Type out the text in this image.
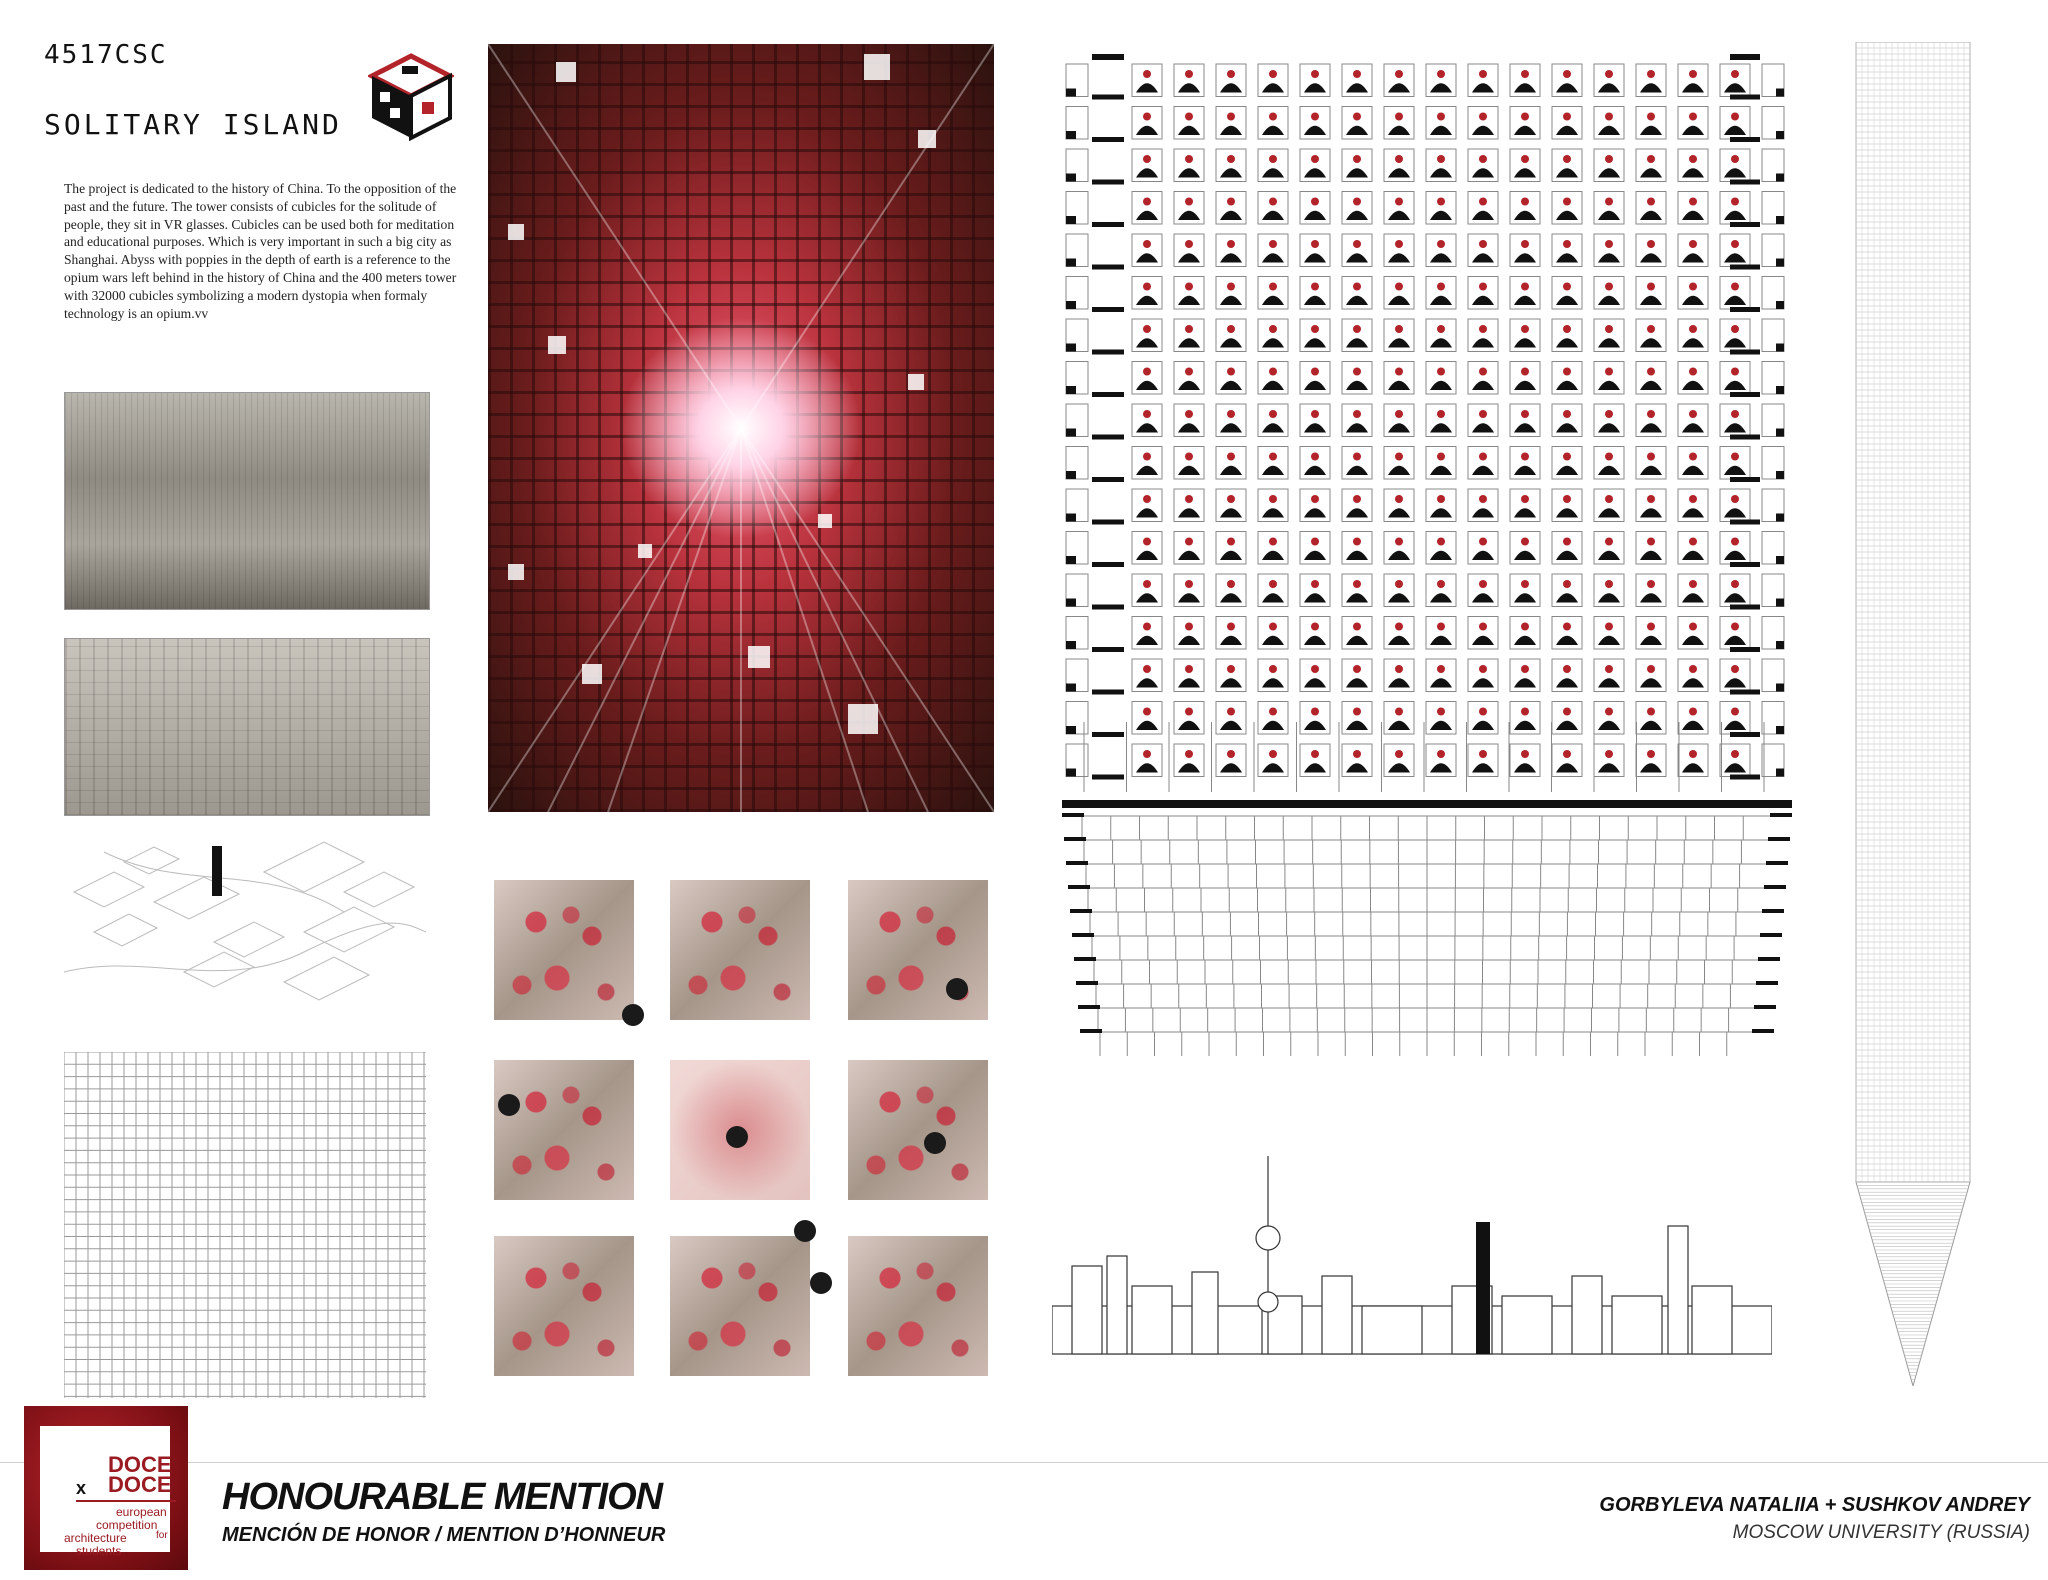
4517CSC
SOLITARY ISLAND
The project is dedicated to the history of China. To the opposition of the past and the future. The tower consists of cubicles for the solitude of people, they sit in VR glasses. Cubicles can be used both for meditation and educational purposes. Which is very important in such a big city as Shanghai. Abyss with poppies in the depth of earth is a reference to the opium wars left behind in the history of China and the 400 meters tower with 32000 cubicles symbolizing a modern dystopia when formaly technology is an opium.vv
x
DOCE
DOCE
european
competition
for
architecture
students
HONOURABLE MENTION
MENCIÓN DE HONOR / MENTION D’HONNEUR
GORBYLEVA NATALIIA + SUSHKOV ANDREY
MOSCOW UNIVERSITY (RUSSIA)
